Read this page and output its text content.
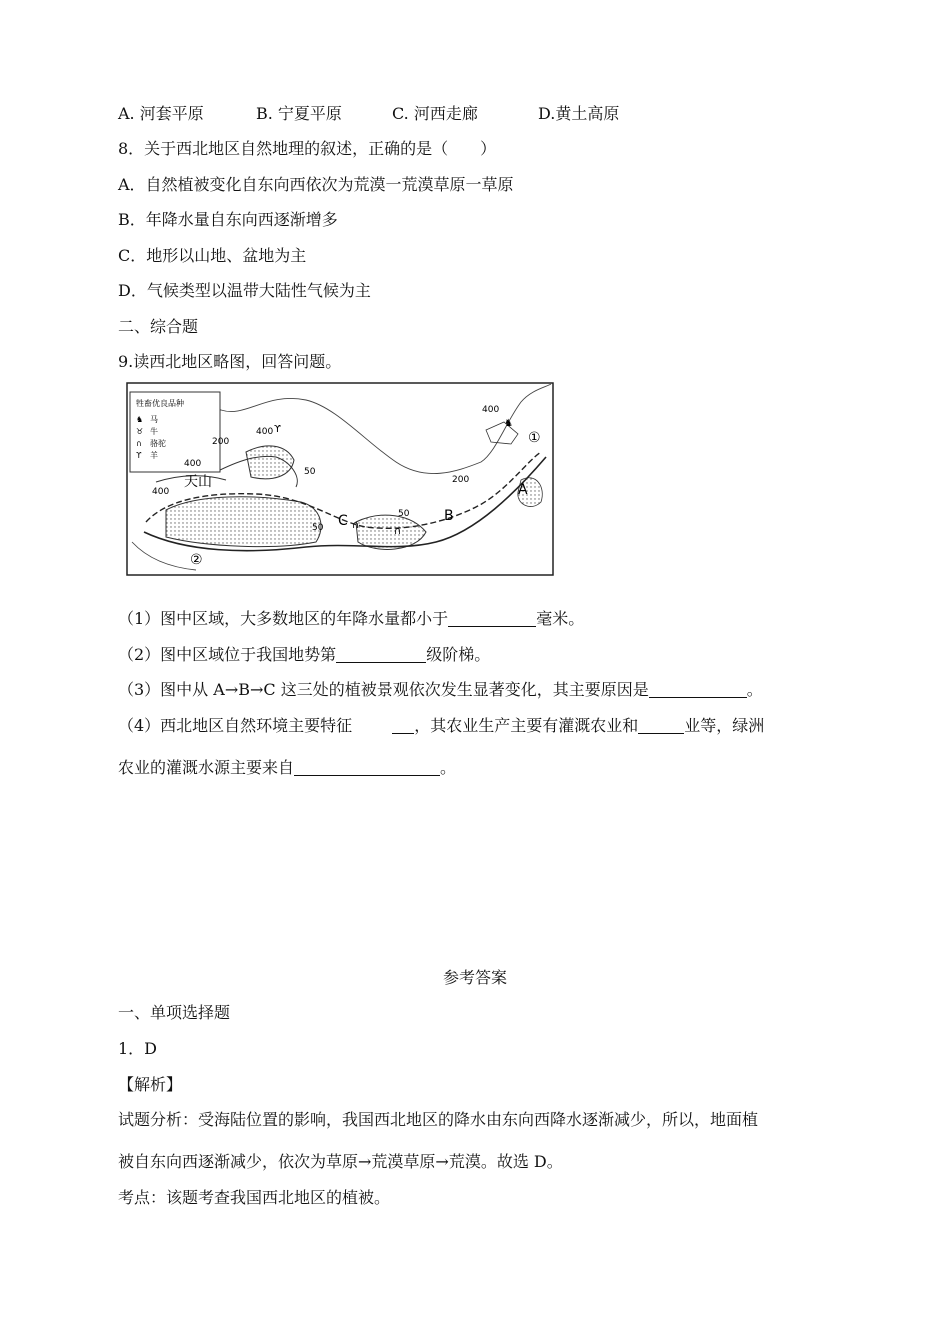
A. 河套平原	B. 宁夏平原	C. 河西走廊	D.黄土高原
8．关于西北地区自然地理的叙述，正确的是（　　）
A．自然植被变化自东向西依次为荒漠一荒漠草原一草原
B．年降水量自东向西逐渐增多
C．地形以山地、盆地为主
D．气候类型以温带大陆性气候为主
二、综合题
9.读西北地区略图，回答问题。
牲畜优良品种
♞ 马
♉ 牛
∩ 骆驼
ϒ 羊
天山
400
200
400
400
50
50
50
200
400
A
B
C
①
②
♞
∩
∩
ϒ
（1）图中区域，大多数地区的年降水量都小于	毫米。
（2）图中区域位于我国地势第	级阶梯。
（3）图中从 A→B→C 这三处的植被景观依次发生显著变化，其主要原因是	。
（4）西北地区自然环境主要特征	，其农业生产主要有灌溉农业和	业等，绿洲
农业的灌溉水源主要来自	。
参考答案
一、单项选择题
1．D
【解析】
试题分析：受海陆位置的影响，我国西北地区的降水由东向西降水逐渐减少，所以，地面植
被自东向西逐渐减少，依次为草原→荒漠草原→荒漠。故选 D。
考点：该题考查我国西北地区的植被。
